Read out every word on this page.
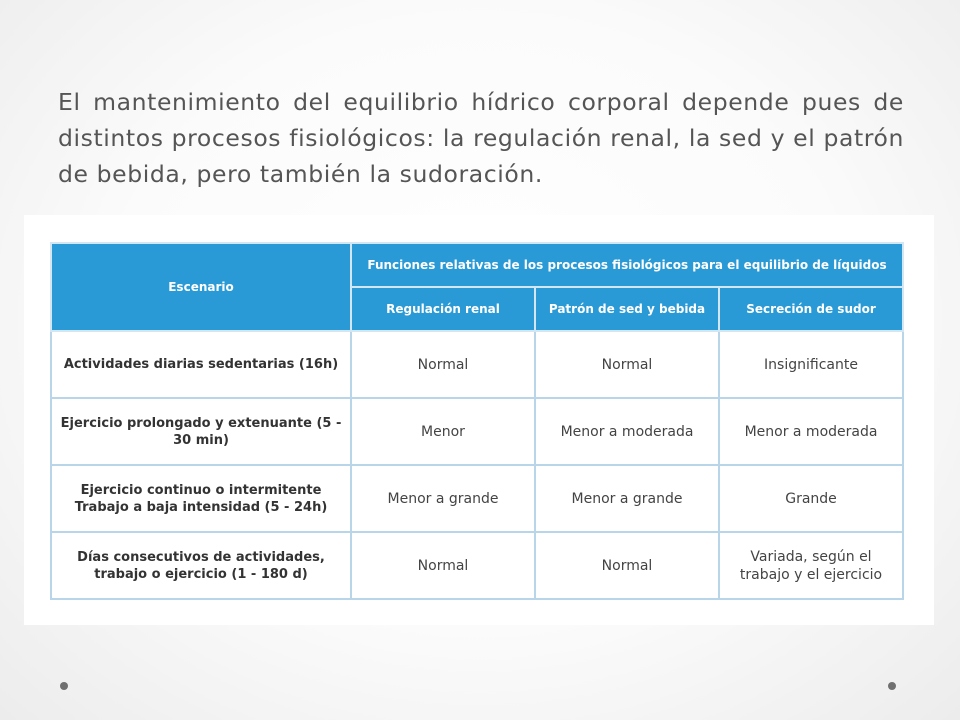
El mantenimiento del equilibrio hídrico corporal depende pues de distintos procesos fisiológicos: la regulación renal, la sed y el patrón de bebida, pero también la sudoración.

Escenario	Funciones relativas de los procesos fisiológicos para el equilibrio de líquidos		
	Regulación renal	Patrón de sed y bebida	Secreción de sudor
Actividades diarias sedentarias (16h)	Normal	Normal	Insignificante
Ejercicio prolongado y extenuante (5 - 30 min)	Menor	Menor a moderada	Menor a moderada
Ejercicio continuo o intermitente Trabajo a baja intensidad (5 - 24h)	Menor a grande	Menor a grande	Grande
Días consecutivos de actividades, trabajo o ejercicio (1 - 180 d)	Normal	Normal	Variada, según el trabajo y el ejercicio
